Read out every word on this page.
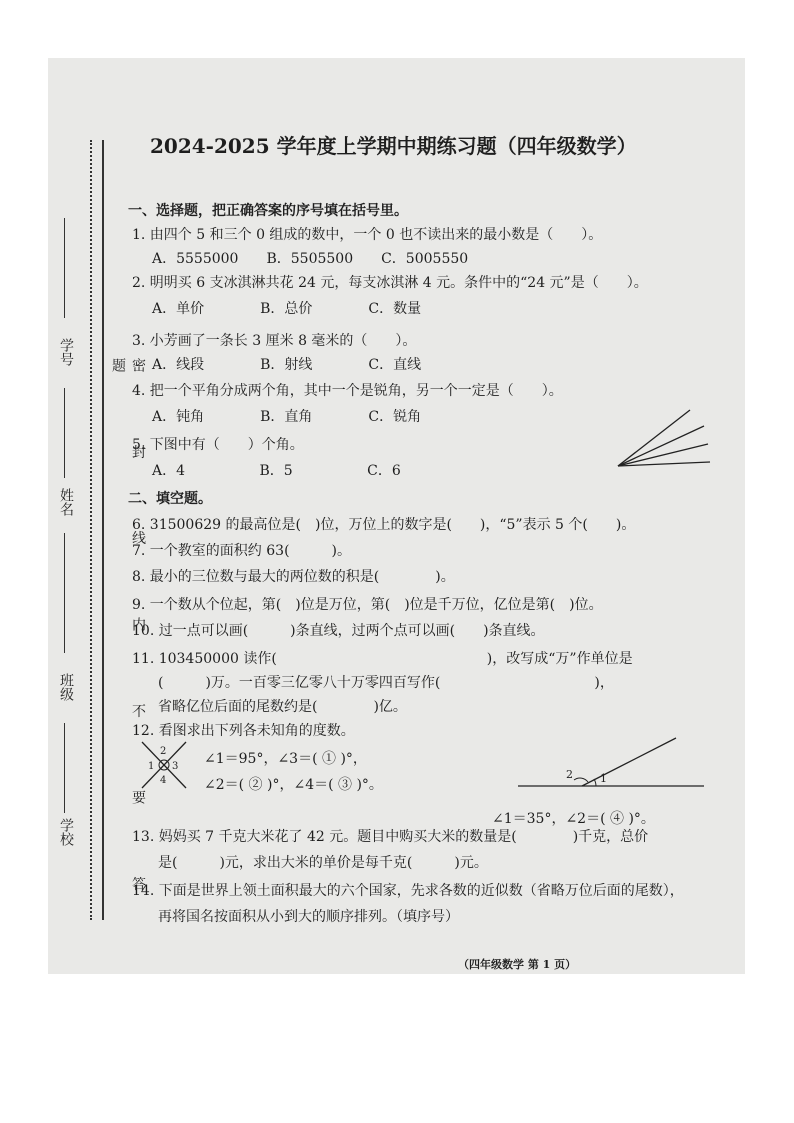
学号
姓名
班级
学校	密 封 线 内 不 要 答 题
2024-2025 学年度上学期中期练习题（四年级数学）
一、选择题，把正确答案的序号填在括号里。
1. 由四个 5 和三个 0 组成的数中，一个 0 也不读出来的最小数是（　　）。
A．5555000　　B．5505500　　C．5005550
2. 明明买 6 支冰淇淋共花 24 元，每支冰淇淋 4 元。条件中的“24 元”是（　　）。
A．单价　　　　B．总价　　　　C．数量
3. 小芳画了一条长 3 厘米 8 毫米的（　　）。
A．线段　　　　B．射线　　　　C．直线
4. 把一个平角分成两个角，其中一个是锐角，另一个一定是（　　）。
A．钝角　　　　B．直角　　　　C．锐角
5. 下图中有（　　）个角。
A．4　　　　　 B．5　　　　　 C．6
二、填空题。
6. 31500629 的最高位是(　)位，万位上的数字是(　　)，“5”表示 5 个(　　)。
7. 一个教室的面积约 63(　　　)。
8. 最小的三位数与最大的两位数的积是(　　　　)。
9. 一个数从个位起，第(　)位是万位，第(　)位是千万位，亿位是第(　)位。
10. 过一点可以画(　　　)条直线，过两个点可以画(　　)条直线。
11. 103450000 读作(　　　　　　　　　　　　　　　)，改写成“万”作单位是
(　　　)万。一百零三亿零八十万零四百写作(　　　　　　　　　　　)，
省略亿位后面的尾数约是(　　　　)亿。
12. 看图求出下列各未知角的度数。
2
1 3
4
∠1＝95°，∠3＝( ① )°，
∠2＝( ② )°，∠4＝( ③ )°。	1
2
∠1＝35°，∠2＝( ④ )°。
13. 妈妈买 7 千克大米花了 42 元。题目中购买大米的数量是(　　　　)千克，总价
是(　　　)元，求出大米的单价是每千克(　　　)元。
14. 下面是世界上领土面积最大的六个国家，先求各数的近似数（省略万位后面的尾数），
再将国名按面积从小到大的顺序排列。（填序号）
（四年级数学 第 1 页）
